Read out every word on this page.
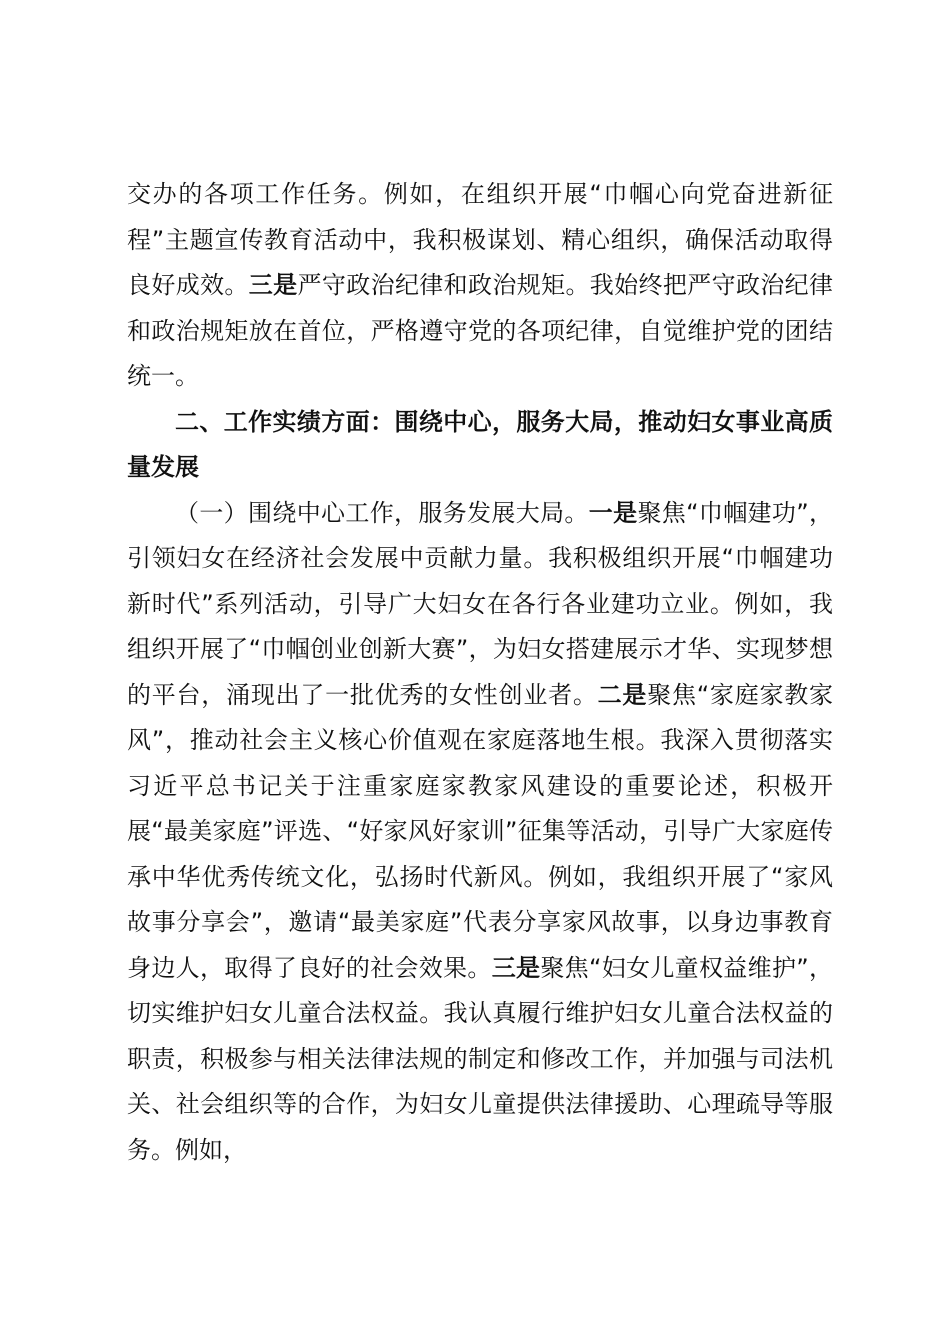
交办的各项工作任务。例如，在组织开展“巾帼心向党奋进新征程”主题宣传教育活动中，我积极谋划、精心组织，确保活动取得良好成效。三是严守政治纪律和政治规矩。我始终把严守政治纪律和政治规矩放在首位，严格遵守党的各项纪律，自觉维护党的团结统一。

二、工作实绩方面：围绕中心，服务大局，推动妇女事业高质量发展

（一）围绕中心工作，服务发展大局。一是聚焦“巾帼建功”，引领妇女在经济社会发展中贡献力量。我积极组织开展“巾帼建功新时代”系列活动，引导广大妇女在各行各业建功立业。例如，我组织开展了“巾帼创业创新大赛”，为妇女搭建展示才华、实现梦想的平台，涌现出了一批优秀的女性创业者。二是聚焦“家庭家教家风”，推动社会主义核心价值观在家庭落地生根。我深入贯彻落实习近平总书记关于注重家庭家教家风建设的重要论述，积极开展“最美家庭”评选、“好家风好家训”征集等活动，引导广大家庭传承中华优秀传统文化，弘扬时代新风。例如，我组织开展了“家风故事分享会”，邀请“最美家庭”代表分享家风故事，以身边事教育身边人，取得了良好的社会效果。三是聚焦“妇女儿童权益维护”，切实维护妇女儿童合法权益。我认真履行维护妇女儿童合法权益的职责，积极参与相关法律法规的制定和修改工作，并加强与司法机关、社会组织等的合作，为妇女儿童提供法律援助、心理疏导等服务。例如，
